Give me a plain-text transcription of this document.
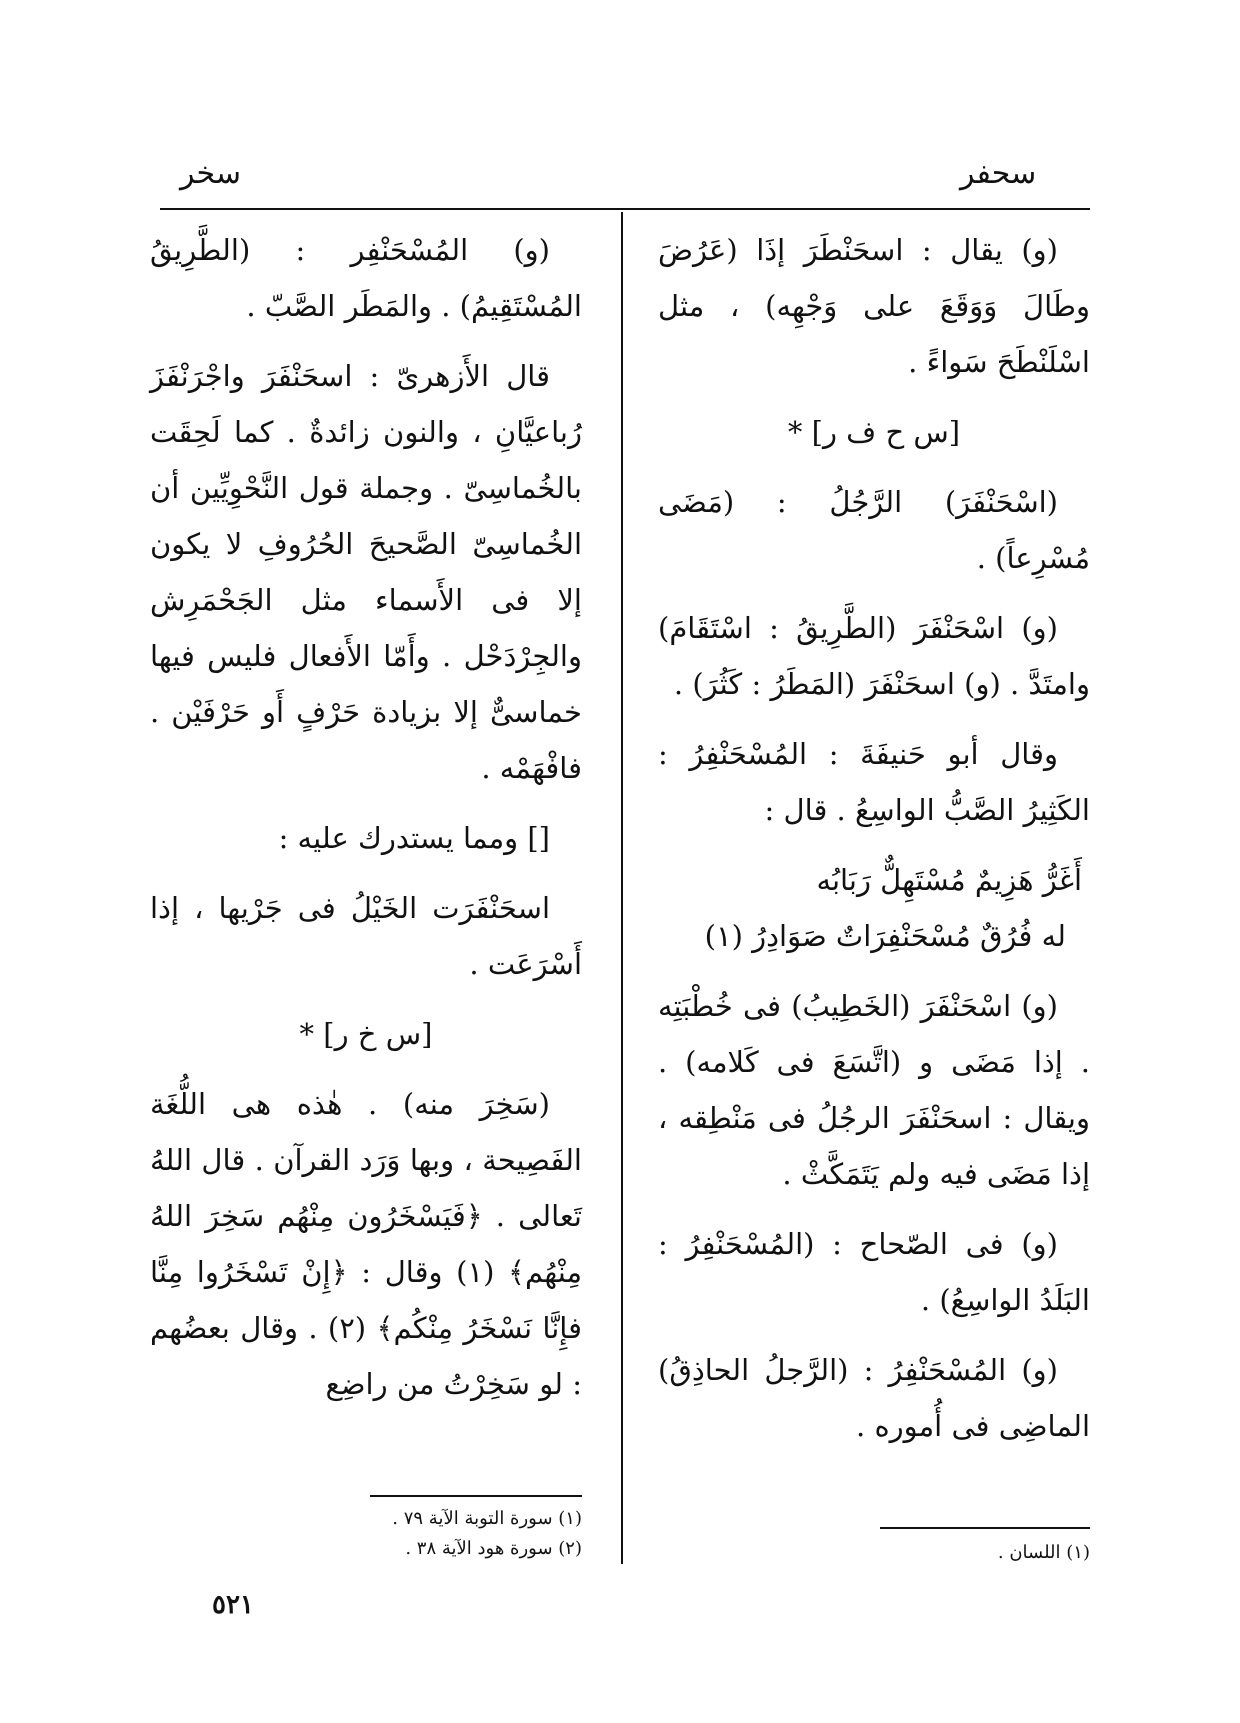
سحفر
سخر

(و) يقال : اسحَنْطَرَ إذَا (عَرُضَ وطَالَ وَوَقَعَ على وَجْهِه) ، مثل اسْلَنْطَحَ سَواءً .

[س ح ف ر] *

(اسْحَنْفَرَ) الرَّجُلُ : (مَضَى مُسْرِعاً) .

(و) اسْحَنْفَرَ (الطَّرِيقُ : اسْتَقَامَ) وامتَدَّ . (و) اسحَنْفَرَ (المَطَرُ : كَثُرَ) .

وقال أبو حَنيفَةَ : المُسْحَنْفِرُ : الكَثِيرُ الصَّبُّ الواسِعُ . قال :

أَغَرُّ هَزِيمٌ مُسْتَهِلٌّ رَبَابُه

له فُرُقٌ مُسْحَنْفِرَاتٌ صَوَادِرُ (١)

(و) اسْحَنْفَرَ (الخَطِيبُ) فى خُطْبَتِه . إذا مَضَى و (اتَّسَعَ فى كَلامه) . ويقال : اسحَنْفَرَ الرجُلُ فى مَنْطِقه ، إذا مَضَى فيه ولم يَتَمَكَّثْ .

(و) فى الصّحاح : (المُسْحَنْفِرُ : البَلَدُ الواسِعُ) .

(و) المُسْحَنْفِرُ : (الرَّجلُ الحاذِقُ) الماضِى فى أُموره .

(و) المُسْحَنْفِر : (الطَّرِيقُ المُسْتَقِيمُ) . والمَطَر الصَّبّ .

قال الأَزهرىّ : اسحَنْفَرَ واجْرَنْفَزَ رُباعيَّانِ ، والنون زائدةٌ . كما لَحِقَت بالخُماسِىّ . وجملة قول النَّحْوِيِّين أن الخُماسِىّ الصَّحيحَ الحُرُوفِ لا يكون إلا فى الأَسماء مثل الجَحْمَرِش والجِرْدَحْل . وأَمّا الأَفعال فليس فيها خماسىٌّ إلا بزيادة حَرْفٍ أَو حَرْفَيْن . فافْهَمْه .

[] ومما يستدرك عليه :

اسحَنْفَرَت الخَيْلُ فى جَرْيها ، إذا أَسْرَعَت .

[س خ ر] *

(سَخِرَ منه) . هٰذه هى اللُّغَة الفَصِيحة ، وبها وَرَد القرآن . قال اللهُ تَعالى . ﴿فَيَسْخَرُون مِنْهُم سَخِرَ اللهُ مِنْهُم﴾ (١) وقال : ﴿إِنْ تَسْخَرُوا مِنَّا فإِنَّا نَسْخَرُ مِنْكُم﴾ (٢) . وقال بعضُهم : لو سَخِرْتُ من راضِع

(١) سورة التوبة الآية ٧٩ .
(٢) سورة هود الآية ٣٨ .	(١) اللسان .
٥٢١
